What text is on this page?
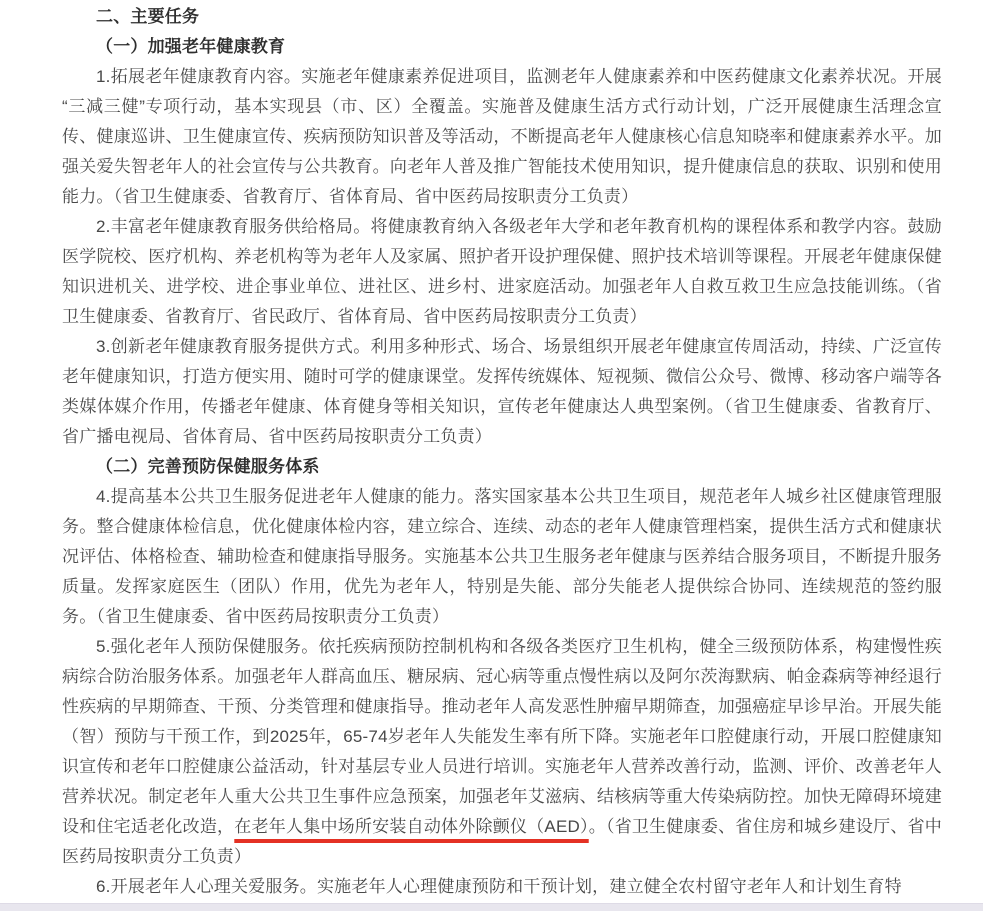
二、主要任务
（一）加强老年健康教育

1.拓展老年健康教育内容。实施老年健康素养促进项目，监测老年人健康素养和中医药健康文化素养状况。开展“三减三健”专项行动，基本实现县（市、区）全覆盖。实施普及健康生活方式行动计划，广泛开展健康生活理念宣传、健康巡讲、卫生健康宣传、疾病预防知识普及等活动，不断提高老年人健康核心信息知晓率和健康素养水平。加强关爱失智老年人的社会宣传与公共教育。向老年人普及推广智能技术使用知识，提升健康信息的获取、识别和使用能力。（省卫生健康委、省教育厅、省体育局、省中医药局按职责分工负责）

2.丰富老年健康教育服务供给格局。将健康教育纳入各级老年大学和老年教育机构的课程体系和教学内容。鼓励医学院校、医疗机构、养老机构等为老年人及家属、照护者开设护理保健、照护技术培训等课程。开展老年健康保健知识进机关、进学校、进企事业单位、进社区、进乡村、进家庭活动。加强老年人自救互救卫生应急技能训练。（省卫生健康委、省教育厅、省民政厅、省体育局、省中医药局按职责分工负责）

3.创新老年健康教育服务提供方式。利用多种形式、场合、场景组织开展老年健康宣传周活动，持续、广泛宣传老年健康知识，打造方便实用、随时可学的健康课堂。发挥传统媒体、短视频、微信公众号、微博、移动客户端等各类媒体媒介作用，传播老年健康、体育健身等相关知识，宣传老年健康达人典型案例。（省卫生健康委、省教育厅、省广播电视局、省体育局、省中医药局按职责分工负责）

（二）完善预防保健服务体系

4.提高基本公共卫生服务促进老年人健康的能力。落实国家基本公共卫生项目，规范老年人城乡社区健康管理服务。整合健康体检信息，优化健康体检内容，建立综合、连续、动态的老年人健康管理档案，提供生活方式和健康状况评估、体格检查、辅助检查和健康指导服务。实施基本公共卫生服务老年健康与医养结合服务项目，不断提升服务质量。发挥家庭医生（团队）作用，优先为老年人，特别是失能、部分失能老人提供综合协同、连续规范的签约服务。（省卫生健康委、省中医药局按职责分工负责）

5.强化老年人预防保健服务。依托疾病预防控制机构和各级各类医疗卫生机构，健全三级预防体系，构建慢性疾病综合防治服务体系。加强老年人群高血压、糖尿病、冠心病等重点慢性病以及阿尔茨海默病、帕金森病等神经退行性疾病的早期筛查、干预、分类管理和健康指导。推动老年人高发恶性肿瘤早期筛查，加强癌症早诊早治。开展失能（智）预防与干预工作，到2025年，65-74岁老年人失能发生率有所下降。实施老年口腔健康行动，开展口腔健康知识宣传和老年口腔健康公益活动，针对基层专业人员进行培训。实施老年人营养改善行动，监测、评价、改善老年人营养状况。制定老年人重大公共卫生事件应急预案，加强老年艾滋病、结核病等重大传染病防控。加快无障碍环境建设和住宅适老化改造，在老年人集中场所安装自动体外除颤仪（AED）。（省卫生健康委、省住房和城乡建设厅、省中医药局按职责分工负责）

6.开展老年人心理关爱服务。实施老年人心理健康预防和干预计划，建立健全农村留守老年人和计划生育特
